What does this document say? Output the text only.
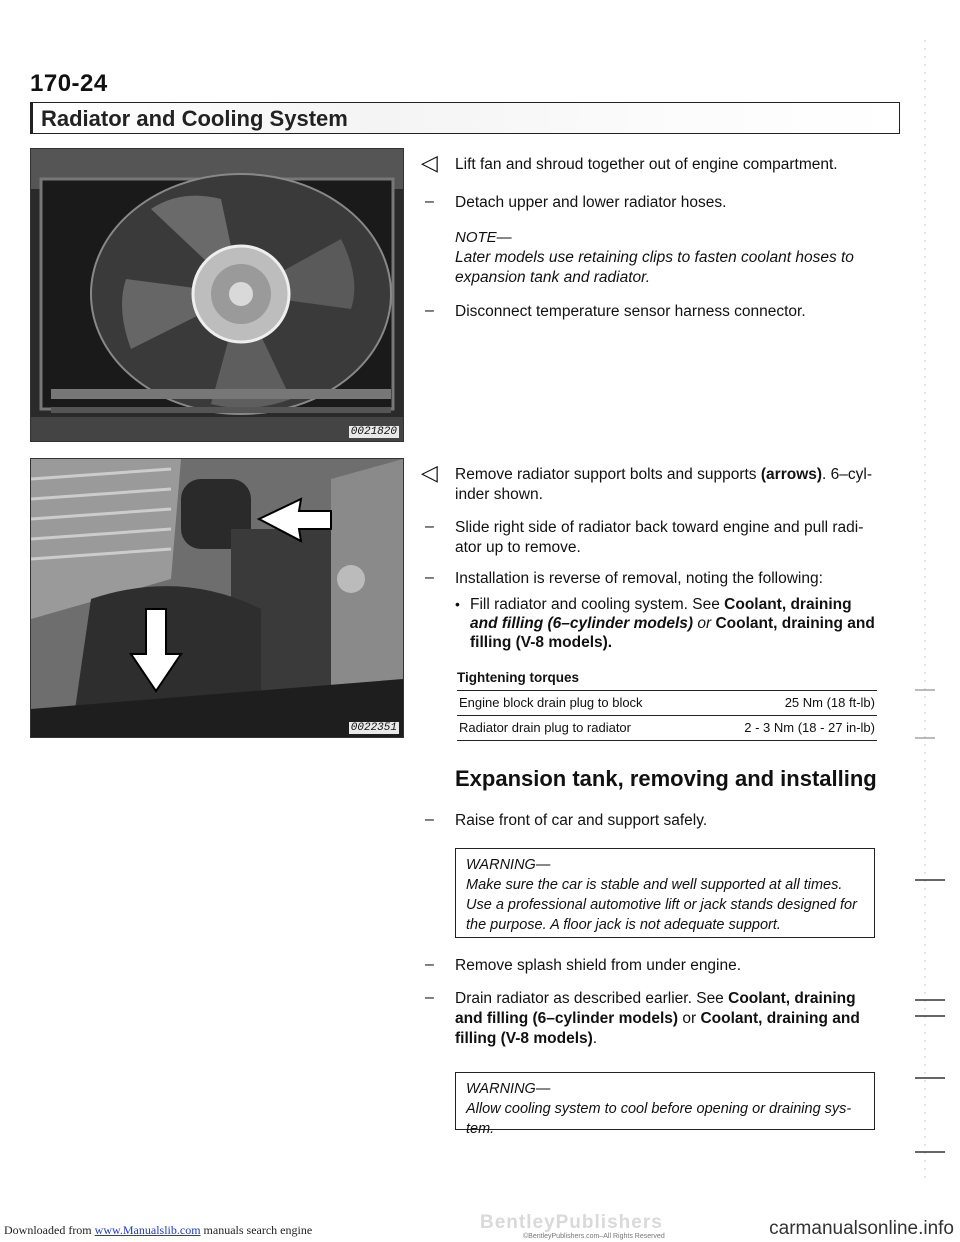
170-24
Radiator and Cooling System
0021820
0022351
◁ Lift fan and shroud together out of engine compartment.
– Detach upper and lower radiator hoses.
NOTE—
Later models use retaining clips to fasten coolant hoses to expansion tank and radiator.
– Disconnect temperature sensor harness connector.
◁ Remove radiator support bolts and supports (arrows). 6–cyl-inder shown.
– Slide right side of radiator back toward engine and pull radi-ator up to remove.
– Installation is reverse of removal, noting the following:
• Fill radiator and cooling system. See Coolant, draining and filling (6–cylinder models) or Coolant, draining and filling (V-8 models).
Tightening torques
Engine block drain plug to block	25 Nm (18 ft-lb)
Radiator drain plug to radiator	2 - 3 Nm (18 - 27 in-lb)
Expansion tank, removing and installing
– Raise front of car and support safely.
WARNING—
Make sure the car is stable and well supported at all times. Use a professional automotive lift or jack stands designed for the purpose. A floor jack is not adequate support.
– Remove splash shield from under engine.
– Drain radiator as described earlier. See Coolant, draining and filling (6–cylinder models) or Coolant, draining and filling (V-8 models).
WARNING—
Allow cooling system to cool before opening or draining sys-tem.
BentleyPublishers
©BentleyPublishers.com–All Rights Reserved
Downloaded from www.Manualslib.com manuals search engine	carmanualsonline.info
